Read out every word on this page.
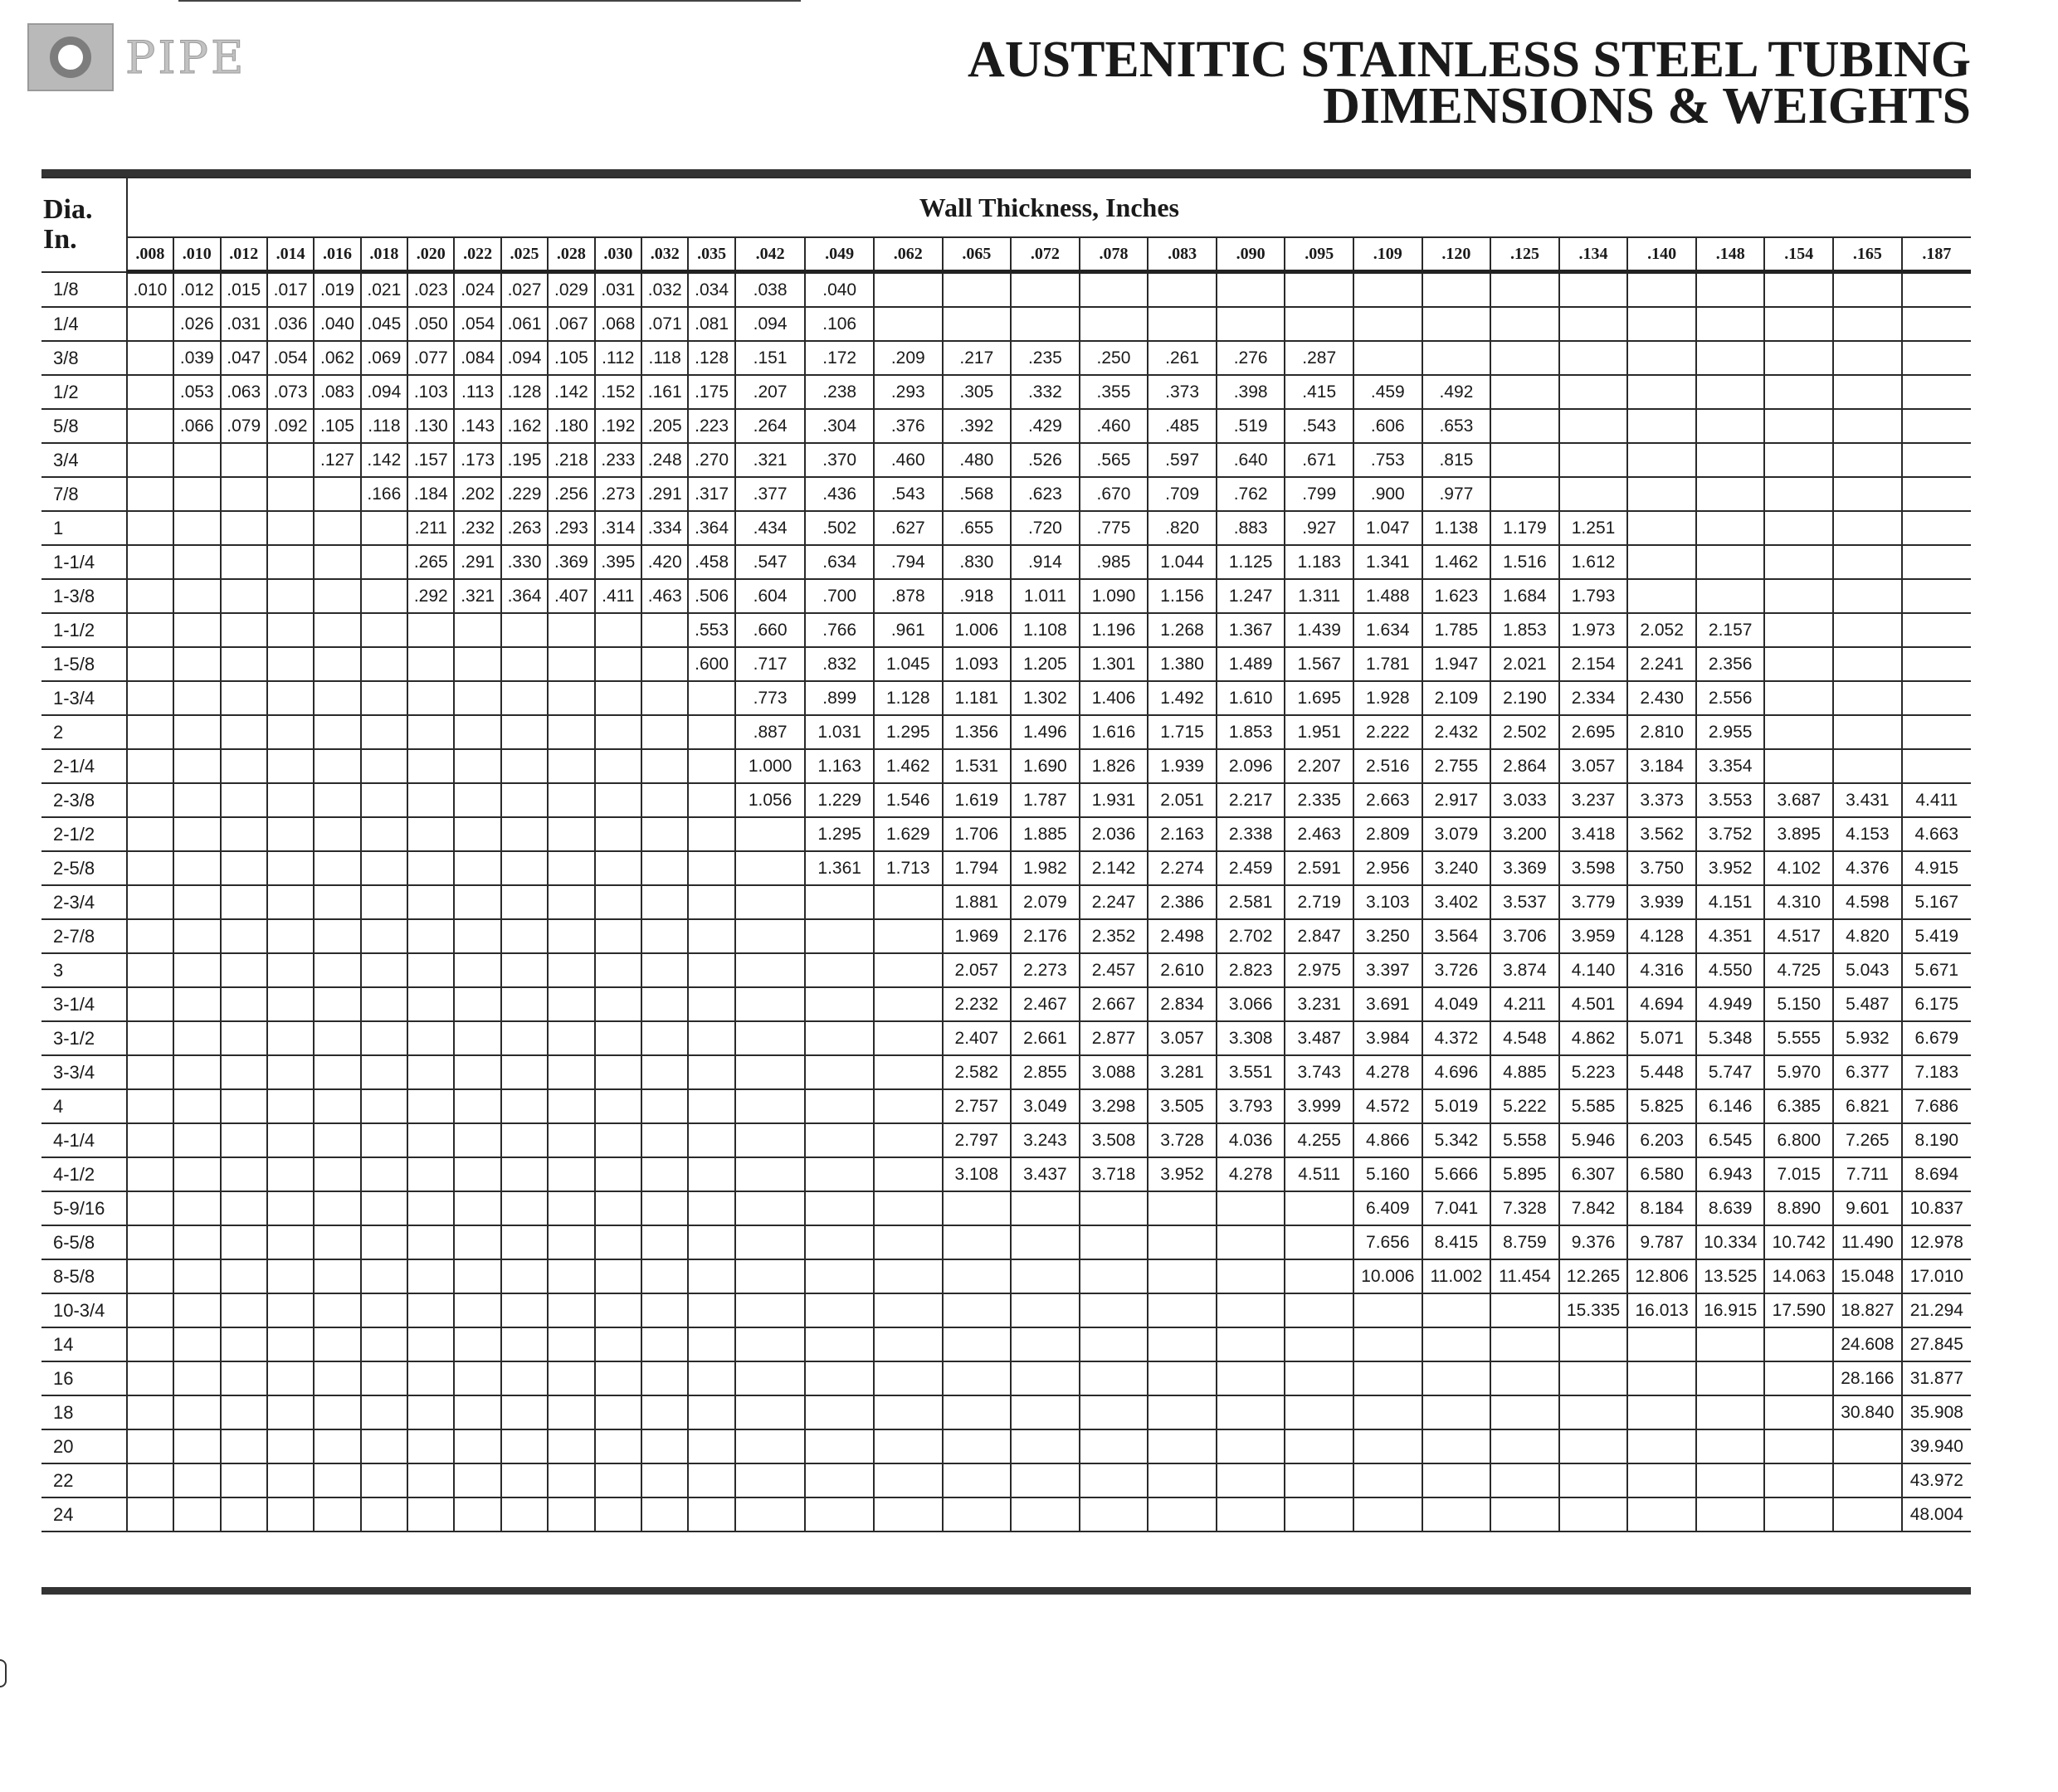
PIPE	AUSTENITIC STAINLESS STEEL TUBING
DIMENSIONS & WEIGHTS
Dia.
In.	Wall Thickness, Inches																														
	.008	.010	.012	.014	.016	.018	.020	.022	.025	.028	.030	.032	.035	.042	.049	.062	.065	.072	.078	.083	.090	.095	.109	.120	.125	.134	.140	.148	.154	.165	.187
1/8	.010	.012	.015	.017	.019	.021	.023	.024	.027	.029	.031	.032	.034	.038	.040																
1/4		.026	.031	.036	.040	.045	.050	.054	.061	.067	.068	.071	.081	.094	.106																
3/8		.039	.047	.054	.062	.069	.077	.084	.094	.105	.112	.118	.128	.151	.172	.209	.217	.235	.250	.261	.276	.287									
1/2		.053	.063	.073	.083	.094	.103	.113	.128	.142	.152	.161	.175	.207	.238	.293	.305	.332	.355	.373	.398	.415	.459	.492							
5/8		.066	.079	.092	.105	.118	.130	.143	.162	.180	.192	.205	.223	.264	.304	.376	.392	.429	.460	.485	.519	.543	.606	.653							
3/4					.127	.142	.157	.173	.195	.218	.233	.248	.270	.321	.370	.460	.480	.526	.565	.597	.640	.671	.753	.815							
7/8						.166	.184	.202	.229	.256	.273	.291	.317	.377	.436	.543	.568	.623	.670	.709	.762	.799	.900	.977							
1							.211	.232	.263	.293	.314	.334	.364	.434	.502	.627	.655	.720	.775	.820	.883	.927	1.047	1.138	1.179	1.251					
1-1/4							.265	.291	.330	.369	.395	.420	.458	.547	.634	.794	.830	.914	.985	1.044	1.125	1.183	1.341	1.462	1.516	1.612					
1-3/8							.292	.321	.364	.407	.411	.463	.506	.604	.700	.878	.918	1.011	1.090	1.156	1.247	1.311	1.488	1.623	1.684	1.793					
1-1/2													.553	.660	.766	.961	1.006	1.108	1.196	1.268	1.367	1.439	1.634	1.785	1.853	1.973	2.052	2.157			
1-5/8													.600	.717	.832	1.045	1.093	1.205	1.301	1.380	1.489	1.567	1.781	1.947	2.021	2.154	2.241	2.356			
1-3/4														.773	.899	1.128	1.181	1.302	1.406	1.492	1.610	1.695	1.928	2.109	2.190	2.334	2.430	2.556			
2														.887	1.031	1.295	1.356	1.496	1.616	1.715	1.853	1.951	2.222	2.432	2.502	2.695	2.810	2.955			
2-1/4														1.000	1.163	1.462	1.531	1.690	1.826	1.939	2.096	2.207	2.516	2.755	2.864	3.057	3.184	3.354			
2-3/8														1.056	1.229	1.546	1.619	1.787	1.931	2.051	2.217	2.335	2.663	2.917	3.033	3.237	3.373	3.553	3.687	3.431	4.411
2-1/2															1.295	1.629	1.706	1.885	2.036	2.163	2.338	2.463	2.809	3.079	3.200	3.418	3.562	3.752	3.895	4.153	4.663
2-5/8															1.361	1.713	1.794	1.982	2.142	2.274	2.459	2.591	2.956	3.240	3.369	3.598	3.750	3.952	4.102	4.376	4.915
2-3/4																	1.881	2.079	2.247	2.386	2.581	2.719	3.103	3.402	3.537	3.779	3.939	4.151	4.310	4.598	5.167
2-7/8																	1.969	2.176	2.352	2.498	2.702	2.847	3.250	3.564	3.706	3.959	4.128	4.351	4.517	4.820	5.419
3																	2.057	2.273	2.457	2.610	2.823	2.975	3.397	3.726	3.874	4.140	4.316	4.550	4.725	5.043	5.671
3-1/4																	2.232	2.467	2.667	2.834	3.066	3.231	3.691	4.049	4.211	4.501	4.694	4.949	5.150	5.487	6.175
3-1/2																	2.407	2.661	2.877	3.057	3.308	3.487	3.984	4.372	4.548	4.862	5.071	5.348	5.555	5.932	6.679
3-3/4																	2.582	2.855	3.088	3.281	3.551	3.743	4.278	4.696	4.885	5.223	5.448	5.747	5.970	6.377	7.183
4																	2.757	3.049	3.298	3.505	3.793	3.999	4.572	5.019	5.222	5.585	5.825	6.146	6.385	6.821	7.686
4-1/4																	2.797	3.243	3.508	3.728	4.036	4.255	4.866	5.342	5.558	5.946	6.203	6.545	6.800	7.265	8.190
4-1/2																	3.108	3.437	3.718	3.952	4.278	4.511	5.160	5.666	5.895	6.307	6.580	6.943	7.015	7.711	8.694
5-9/16																							6.409	7.041	7.328	7.842	8.184	8.639	8.890	9.601	10.837
6-5/8																							7.656	8.415	8.759	9.376	9.787	10.334	10.742	11.490	12.978
8-5/8																							10.006	11.002	11.454	12.265	12.806	13.525	14.063	15.048	17.010
10-3/4																										15.335	16.013	16.915	17.590	18.827	21.294
14																														24.608	27.845
16																														28.166	31.877
18																														30.840	35.908
20																															39.940
22																															43.972
24																															48.004
